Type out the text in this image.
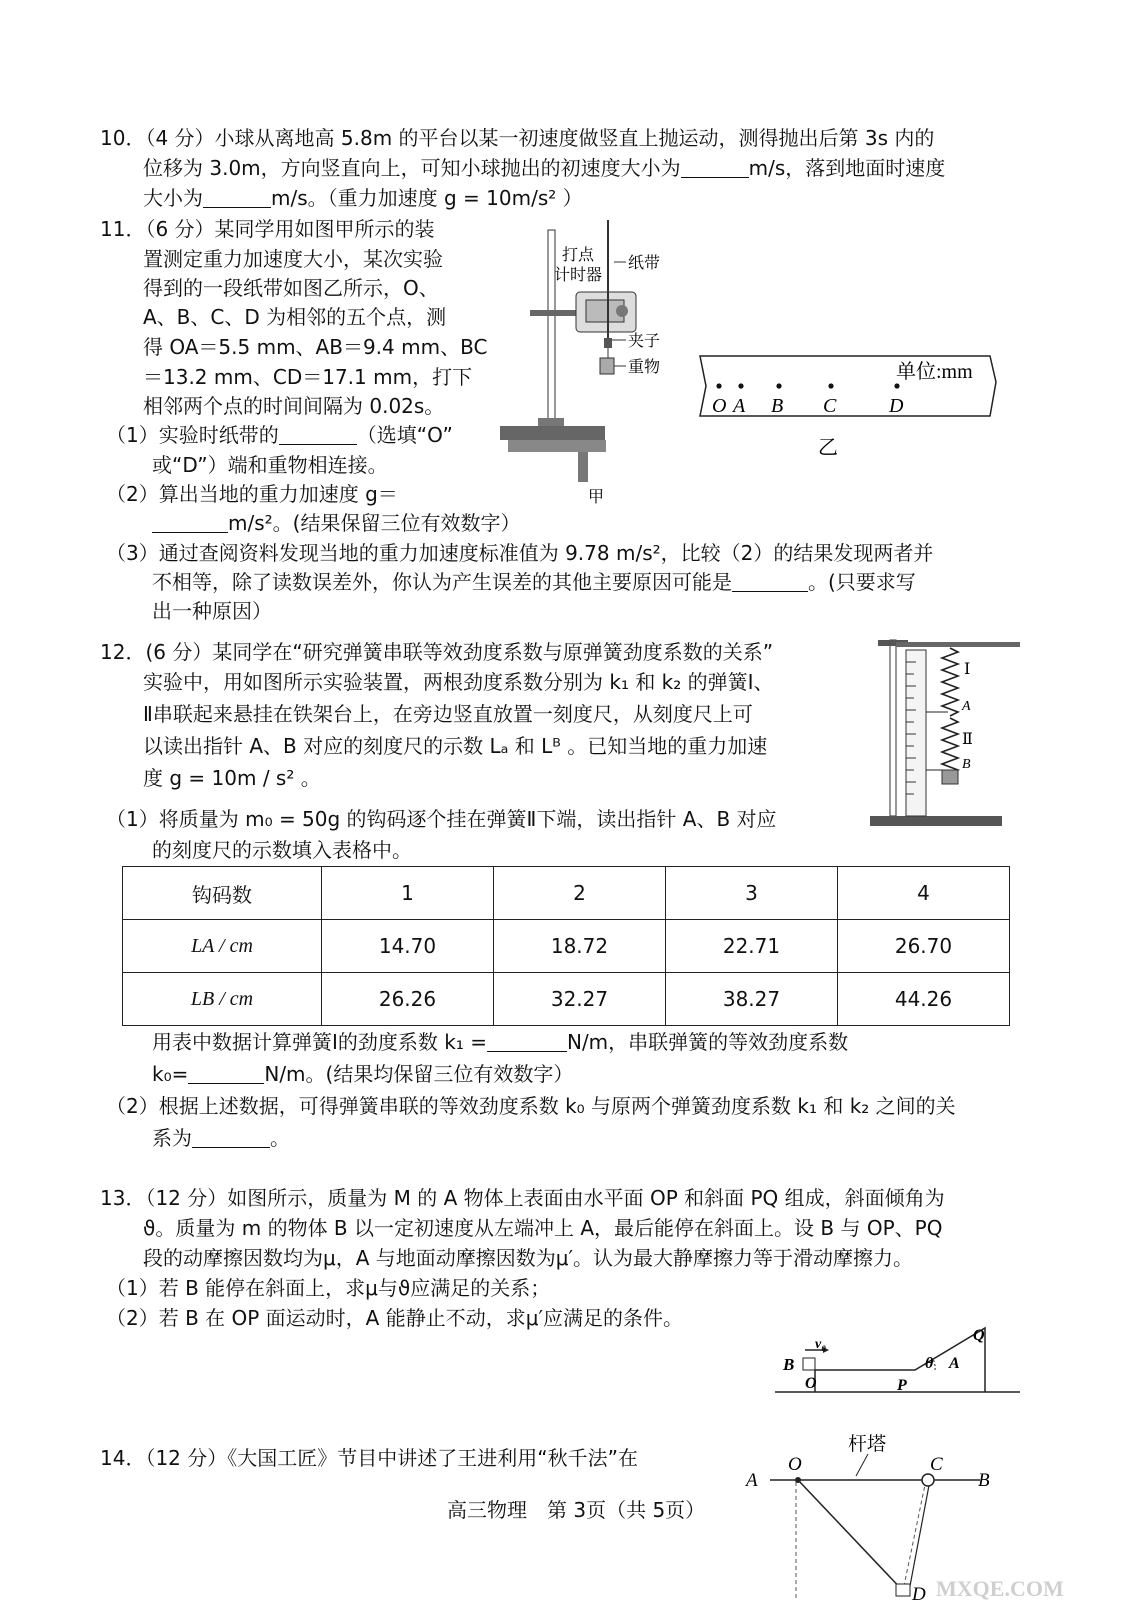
10．（4 分）小球从离地高 5.8m 的平台以某一初速度做竖直上抛运动，测得抛出后第 3s 内的
位移为 3.0m，方向竖直向上，可知小球抛出的初速度大小为	m/s，落到地面时速度
大小为	m/s。（重力加速度 g = 10m/s² ）
11．（6 分）某同学用如图甲所示的装
置测定重力加速度大小，某次实验
得到的一段纸带如图乙所示，O、
A、B、C、D 为相邻的五个点，测
得 OA＝5.5 mm、AB＝9.4 mm、BC
＝13.2 mm、CD＝17.1 mm，打下
相邻两个点的时间间隔为 0.02s。
（1）实验时纸带的	（选填“O”
或“D”）端和重物相连接。
（2）算出当地的重力加速度 g＝
m/s²。(结果保留三位有效数字）
（3）通过查阅资料发现当地的重力加速度标准值为 9.78 m/s²，比较（2）的结果发现两者并
不相等，除了读数误差外，你认为产生误差的其他主要原因可能是	。(只要求写
出一种原因）
打点
计时器
纸带
夹子
重物
甲
单位:mm
O A B C	D
乙
12．(6 分）某同学在“研究弹簧串联等效劲度系数与原弹簧劲度系数的关系”
实验中，用如图所示实验装置，两根劲度系数分别为 k₁ 和 k₂ 的弹簧Ⅰ、
Ⅱ串联起来悬挂在铁架台上，在旁边竖直放置一刻度尺，从刻度尺上可
以读出指针 A、B 对应的刻度尺的示数 Lₐ 和 Lᴮ 。已知当地的重力加速
度 g = 10m / s² 。
（1）将质量为 m₀ = 50g 的钩码逐个挂在弹簧Ⅱ下端，读出指针 A、B 对应
的刻度尺的示数填入表格中。
Ⅰ
A
Ⅱ
B
钩码数	1	2	3	4
LA / cm	14.70	18.72	22.71	26.70
LB / cm	26.26	32.27	38.27	44.26
用表中数据计算弹簧Ⅰ的劲度系数 k₁ =	N/m，串联弹簧的等效劲度系数
k₀=	N/m。(结果均保留三位有效数字）
（2）根据上述数据，可得弹簧串联的等效劲度系数 k₀ 与原两个弹簧劲度系数 k₁ 和 k₂ 之间的关
系为	。
13．（12 分）如图所示，质量为 M 的 A 物体上表面由水平面 OP 和斜面 PQ 组成，斜面倾角为
ϑ。质量为 m 的物体 B 以一定初速度从左端冲上 A，最后能停在斜面上。设 B 与 OP、PQ
段的动摩擦因数均为μ，A 与地面动摩擦因数为μ′。认为最大静摩擦力等于滑动摩擦力。
（1）若 B 能停在斜面上，求μ与ϑ应满足的关系；
（2）若 B 在 OP 面运动时，A 能静止不动，求μ′应满足的条件。
B
v₀
O	P
θ A
Q
14．（12 分）《大国工匠》节目中讲述了王进利用“秋千法”在
杆塔
A
O	C
B
D MXQE.COM
高三物理　第 3页（共 5页）
